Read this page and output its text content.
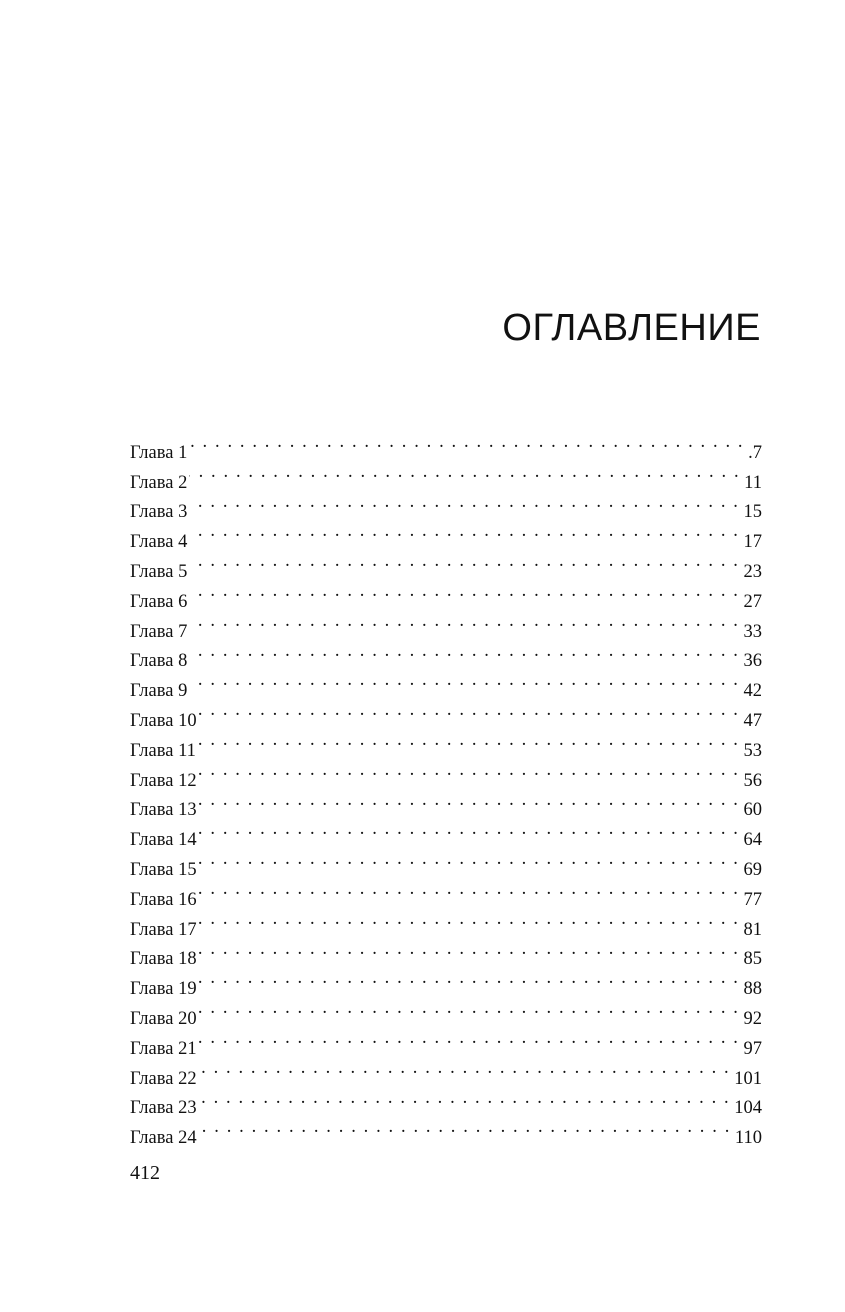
ОГЛАВЛЕНИЕ
Глава 1 . . .	.7
Глава 2 . . .	11
Глава 3 . . .	15
Глава 4 . . .	17
Глава 5 . . .	23
Глава 6 . . .	27
Глава 7 . . .	33
Глава 8 . . .	36
Глава 9 . . .	42
Глава 10 . . .	47
Глава 11 . . .	53
Глава 12 . . .	56
Глава 13 . . .	60
Глава 14 . . .	64
Глава 15 . . .	69
Глава 16 . . .	77
Глава 17 . . .	81
Глава 18 . . .	85
Глава 19 . . .	88
Глава 20 . . .	92
Глава 21 . . .	97
Глава 22 . . .	101
Глава 23 . . .	104
Глава 24 . . .	110
412
